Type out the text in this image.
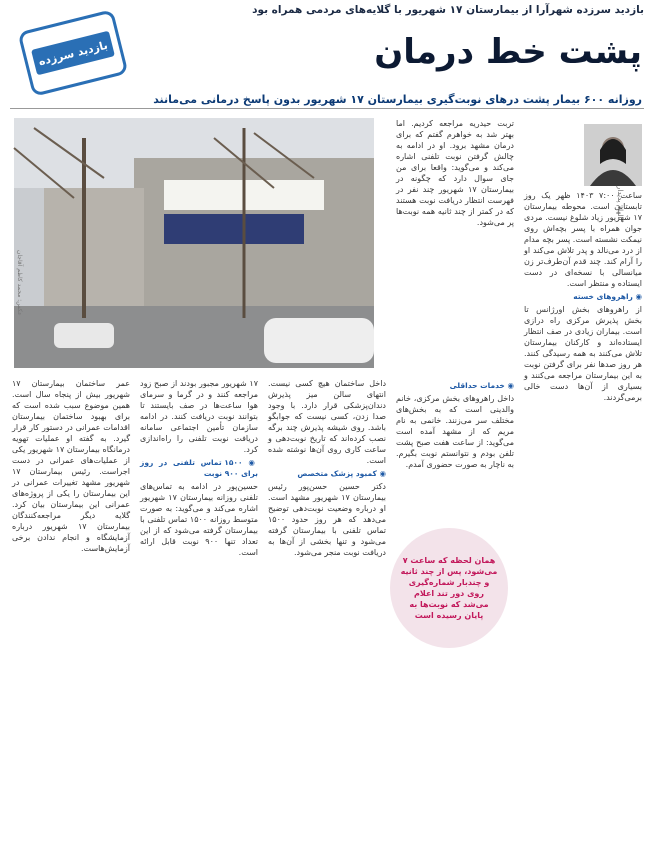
بازدید سرزده شهرآرا از بیمارستان ۱۷ شهریور با گلایه‌های مردمی همراه بود
بازدید سرزده	پشت خط درمان
روزانه ۶۰۰ بیمار پشت درهای نوبت‌گیری بیمارستان ۱۷ شهریور بدون پاسخ درمانی می‌مانند
الهام پدیدار
عکس: محمد کاظم آقاجان
ساعت ۷:۰۰ ۱۴۰۳ ظهر یک روز تابستانی است. محوطه بیمارستان ۱۷ شهریور زیاد شلوغ نیست. مردی جوان همراه با پسر بچه‌اش روی نیمکت نشسته است. پسر بچه مدام از درد می‌نالد و پدر تلاش می‌کند او را آرام کند. چند قدم آن‌طرف‌تر زن میانسالی با نسخه‌ای در دست ایستاده و منتظر است.
◉ راهروهای خسته
از راهروهای بخش اورژانس تا بخش پذیرش مرکزی راه درازی است. بیماران زیادی در صف انتظار ایستاده‌اند و کارکنان بیمارستان تلاش می‌کنند به همه رسیدگی کنند. هر روز صدها نفر برای گرفتن نوبت به این بیمارستان مراجعه می‌کنند و بسیاری از آن‌ها دست خالی برمی‌گردند.
تربت حیدریه مراجعه کردیم. اما بهتر شد به خواهرم گفتم که برای درمان مشهد برود. او در ادامه به چالش گرفتن نوبت تلفنی اشاره می‌کند و می‌گوید: واقعا برای من جای سوال دارد که چگونه در بیمارستان ۱۷ شهریور چند نفر در فهرست انتظار دریافت نوبت هستند که در کمتر از چند ثانیه همه نوبت‌ها پر می‌شود.
◉ خدمات حداقلی
داخل راهروهای بخش مرکزی، خانم والدینی است که به بخش‌های مختلف سر می‌زنند. خانمی به نام مریم که از مشهد آمده است می‌گوید: از ساعت هفت صبح پشت تلفن بودم و نتوانستم نوبت بگیرم. به ناچار به صورت حضوری آمدم.
داخل ساختمان هیچ کسی نیست. انتهای سالن میز پذیرش دندان‌پزشکی قرار دارد. با وجود صدا زدن، کسی نیست که جوابگو باشد. روی شیشه پذیرش چند برگه نصب کرده‌اند که تاریخ نوبت‌دهی و ساعت کاری روی آن‌ها نوشته شده است.
◉ کمبود پزشک متخصص
دکتر حسین حسن‌پور رئیس بیمارستان ۱۷ شهریور مشهد است. او درباره وضعیت نوبت‌دهی توضیح می‌دهد که هر روز حدود ۱۵۰۰ تماس تلفنی با بیمارستان گرفته می‌شود و تنها بخشی از آن‌ها به دریافت نوبت منجر می‌شود.
۱۷ شهریور مجبور بودند از صبح زود مراجعه کنند و در گرما و سرمای هوا ساعت‌ها در صف بایستند تا بتوانند نوبت دریافت کنند. در ادامه سازمان تأمین اجتماعی سامانه دریافت نوبت تلفنی را راه‌اندازی کرد.
◉ ۱۵۰۰ تماس تلفنی در روز برای ۹۰۰ نوبت
حسین‌پور در ادامه به تماس‌های تلفنی روزانه بیمارستان ۱۷ شهریور اشاره می‌کند و می‌گوید: به صورت متوسط روزانه ۱۵۰۰ تماس تلفنی با بیمارستان گرفته می‌شود که از این تعداد تنها ۹۰۰ نوبت قابل ارائه است.
همان لحظه که ساعت ۷ می‌شود، پس از چند ثانیه و چندبار شماره‌گیری روی دور تند اعلام می‌شد که نوبت‌ها به پایان رسیده است
عمر ساختمان بیمارستان ۱۷ شهریور بیش از پنجاه سال است. همین موضوع سبب شده است که برای بهبود ساختمان بیمارستان اقدامات عمرانی در دستور کار قرار گیرد. به گفته او عملیات تهویه درمانگاه بیمارستان ۱۷ شهریور یکی از عملیات‌های عمرانی در دست اجراست. رئیس بیمارستان ۱۷ شهریور مشهد تغییرات عمرانی در این بیمارستان را یکی از پروژه‌های عمرانی این بیمارستان بیان کرد. گلایه دیگر مراجعه‌کنندگان بیمارستان ۱۷ شهریور درباره آزمایشگاه و انجام ندادن برخی آزمایش‌هاست.
